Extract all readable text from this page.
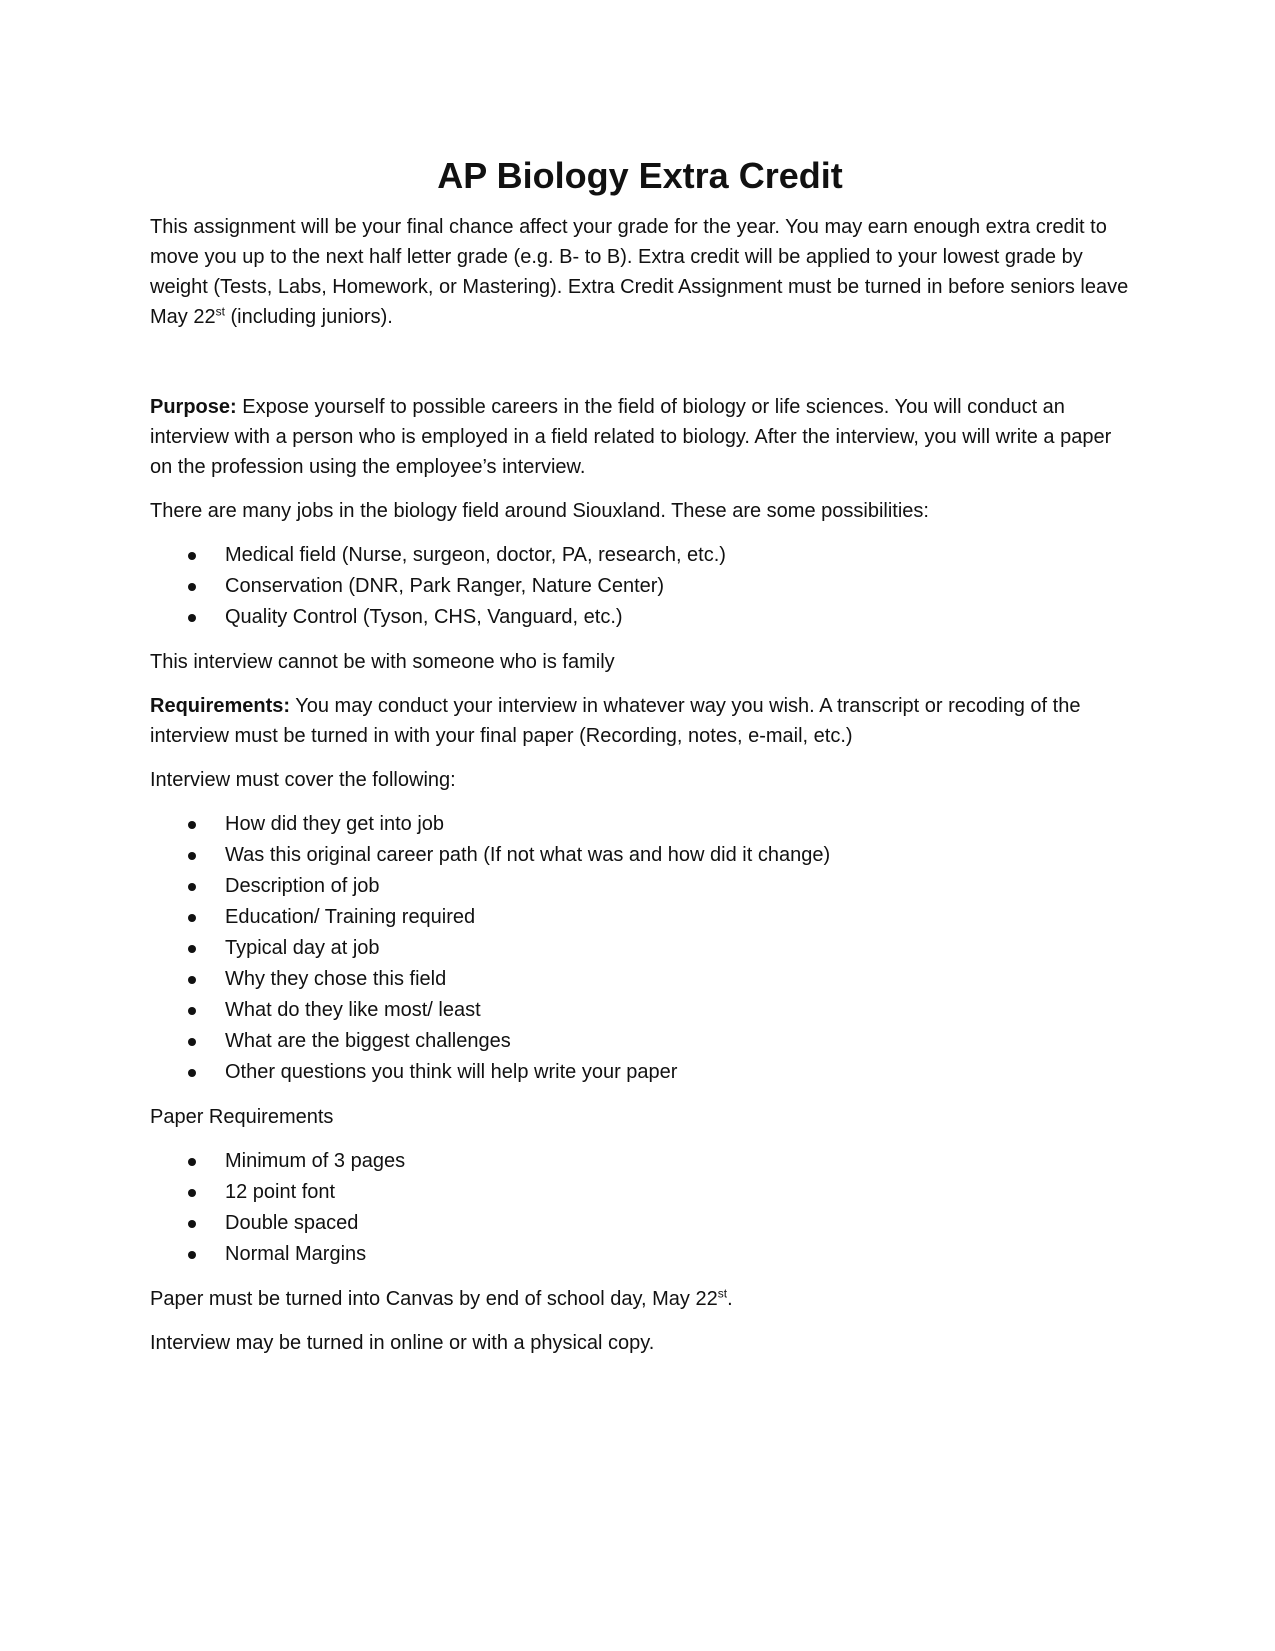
AP Biology Extra Credit

This assignment will be your final chance affect your grade for the year. You may earn enough extra credit to move you up to the next half letter grade (e.g. B- to B). Extra credit will be applied to your lowest grade by weight (Tests, Labs, Homework, or Mastering). Extra Credit Assignment must be turned in before seniors leave May 22st (including juniors).

Purpose: Expose yourself to possible careers in the field of biology or life sciences. You will conduct an interview with a person who is employed in a field related to biology. After the interview, you will write a paper on the profession using the employee’s interview.

There are many jobs in the biology field around Siouxland. These are some possibilities:

Medical field (Nurse, surgeon, doctor, PA, research, etc.)
Conservation (DNR, Park Ranger, Nature Center)
Quality Control (Tyson, CHS, Vanguard, etc.)

This interview cannot be with someone who is family

Requirements: You may conduct your interview in whatever way you wish. A transcript or recoding of the interview must be turned in with your final paper (Recording, notes, e-mail, etc.)

Interview must cover the following:

How did they get into job
Was this original career path (If not what was and how did it change)
Description of job
Education/ Training required
Typical day at job
Why they chose this field
What do they like most/ least
What are the biggest challenges
Other questions you think will help write your paper

Paper Requirements

Minimum of 3 pages
12 point font
Double spaced
Normal Margins

Paper must be turned into Canvas by end of school day, May 22st.

Interview may be turned in online or with a physical copy.
